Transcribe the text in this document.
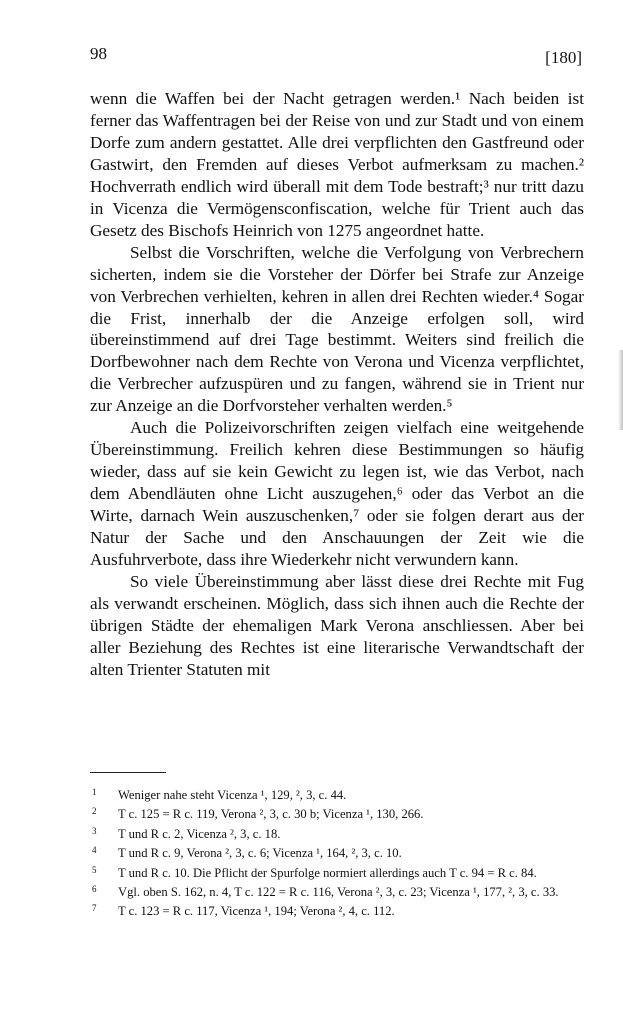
98	[180]

wenn die Waffen bei der Nacht getragen werden.¹ Nach beiden ist ferner das Waffentragen bei der Reise von und zur Stadt und von einem Dorfe zum andern gestattet. Alle drei verpflichten den Gastfreund oder Gastwirt, den Fremden auf dieses Verbot aufmerksam zu machen.² Hochverrath endlich wird überall mit dem Tode bestraft;³ nur tritt dazu in Vicenza die Vermögensconfiscation, welche für Trient auch das Gesetz des Bischofs Heinrich von 1275 angeordnet hatte.

Selbst die Vorschriften, welche die Verfolgung von Verbrechern sicherten, indem sie die Vorsteher der Dörfer bei Strafe zur Anzeige von Verbrechen verhielten, kehren in allen drei Rechten wieder.⁴ Sogar die Frist, innerhalb der die Anzeige erfolgen soll, wird übereinstimmend auf drei Tage bestimmt. Weiters sind freilich die Dorfbewohner nach dem Rechte von Verona und Vicenza verpflichtet, die Verbrecher aufzuspüren und zu fangen, während sie in Trient nur zur Anzeige an die Dorfvorsteher verhalten werden.⁵

Auch die Polizeivorschriften zeigen vielfach eine weitgehende Übereinstimmung. Freilich kehren diese Bestimmungen so häufig wieder, dass auf sie kein Gewicht zu legen ist, wie das Verbot, nach dem Abendläuten ohne Licht auszugehen,⁶ oder das Verbot an die Wirte, darnach Wein auszuschenken,⁷ oder sie folgen derart aus der Natur der Sache und den Anschauungen der Zeit wie die Ausfuhrverbote, dass ihre Wiederkehr nicht verwundern kann.

So viele Übereinstimmung aber lässt diese drei Rechte mit Fug als verwandt erscheinen. Möglich, dass sich ihnen auch die Rechte der übrigen Städte der ehemaligen Mark Verona anschliessen. Aber bei aller Beziehung des Rechtes ist eine literarische Verwandtschaft der alten Trienter Statuten mit

1 Weniger nahe steht Vicenza ¹, 129, ², 3, c. 44.
2 T c. 125 = R c. 119, Verona ², 3, c. 30 b; Vicenza ¹, 130, 266.
3 T und R c. 2, Vicenza ², 3, c. 18.
4 T und R c. 9, Verona ², 3, c. 6; Vicenza ¹, 164, ², 3, c. 10.
5 T und R c. 10. Die Pflicht der Spurfolge normiert allerdings auch T c. 94 = R c. 84.
6 Vgl. oben S. 162, n. 4, T c. 122 = R c. 116, Verona ², 3, c. 23; Vicenza ¹, 177, ², 3, c. 33.
7 T c. 123 = R c. 117, Vicenza ¹, 194; Verona ², 4, c. 112.
